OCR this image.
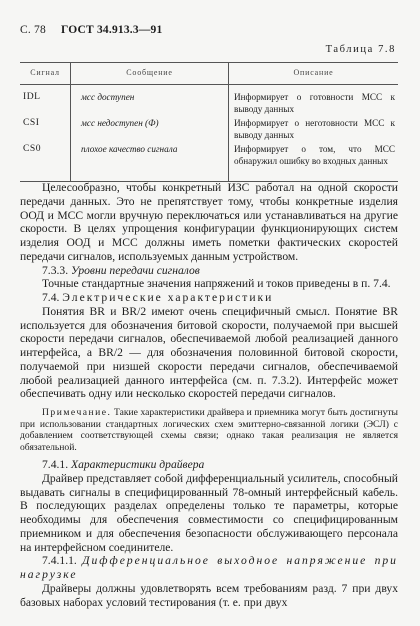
С. 78 ГОСТ 34.913.3—91
Таблица 7.8
Сигнал	Сообщение	Описание
IDL	мсс доступен	Информирует о готовности МСС к выводу данных
CSI	мсс недоступен (Ф)	Информирует о неготовности МСС к выводу данных
CS0	плохое качество сигнала	Информирует о том, что МСС обнаружил ошибку во входных данных

Целесообразно, чтобы конкретный ИЗС работал на одной скорости передачи данных. Это не препятствует тому, чтобы конкретные изделия ООД и МСС могли вручную переключаться или устанавливаться на другие скорости. В целях упрощения конфигурации функционирующих систем изделия ООД и МСС должны иметь пометки фактических скоростей передачи сигналов, используемых данным устройством.

7.3.3. Уровни передачи сигналов

Точные стандартные значения напряжений и токов приведены в п. 7.4.

7.4. Электрические характеристики

Понятия BR и BR/2 имеют очень специфичный смысл. Понятие BR используется для обозначения битовой скорости, получаемой при высшей скорости передачи сигналов, обеспечиваемой любой реализацией данного интерфейса, а BR/2 — для обозначения половинной битовой скорости, получаемой при низшей скорости передачи сигналов, обеспечиваемой любой реализацией данного интерфейса (см. п. 7.3.2). Интерфейс может обеспечивать одну или несколько скоростей передачи сигналов.

Примечание. Такие характеристики драйвера и приемника могут быть достигнуты при использовании стандартных логических схем эмиттерно-связанной логики (ЭСЛ) с добавлением соответствующей схемы связи; однако такая реализация не является обязательной.

7.4.1. Характеристики драйвера

Драйвер представляет собой дифференциальный усилитель, способный выдавать сигналы в специфицированный 78-омный интерфейсный кабель. В последующих разделах определены только те параметры, которые необходимы для обеспечения совместимости со специфицированным приемником и для обеспечения безопасности обслуживающего персонала на интерфейсном соединителе.

7.4.1.1. Дифференциальное выходное напряжение при нагрузке

Драйверы должны удовлетворять всем требованиям разд. 7 при двух базовых наборах условий тестирования (т. е. при двух
